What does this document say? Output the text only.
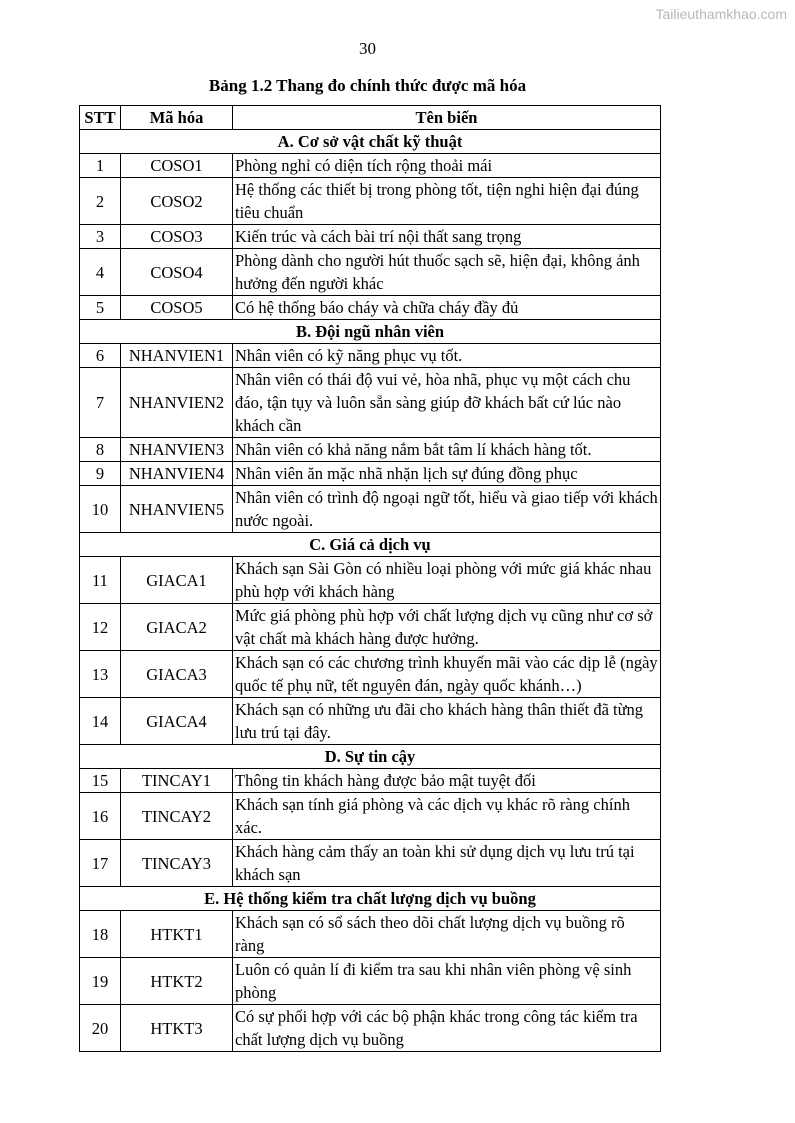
Tailieuthamkhao.com
30
Bảng 1.2 Thang đo chính thức được mã hóa
STT	Mã hóa	Tên biến
A. Cơ sở vật chất kỹ thuật		
1	COSO1	Phòng nghỉ có diện tích rộng thoải mái
2	COSO2	Hệ thống các thiết bị trong phòng tốt, tiện nghi hiện đại đúng tiêu chuẩn
3	COSO3	Kiến trúc và cách bài trí nội thất sang trọng
4	COSO4	Phòng dành cho người hút thuốc sạch sẽ, hiện đại, không ảnh hưởng đến người khác
5	COSO5	Có hệ thống báo cháy và chữa cháy đầy đủ
B. Đội ngũ nhân viên		
6	NHANVIEN1	Nhân viên có kỹ năng phục vụ tốt.
7	NHANVIEN2	Nhân viên có thái độ vui vẻ, hòa nhã, phục vụ một cách chu đáo, tận tụy và luôn sẵn sàng giúp đỡ khách bất cứ lúc nào khách cần
8	NHANVIEN3	Nhân viên có khả năng nắm bắt tâm lí khách hàng tốt.
9	NHANVIEN4	Nhân viên ăn mặc nhã nhặn lịch sự đúng đồng phục
10	NHANVIEN5	Nhân viên có trình độ ngoại ngữ tốt, hiểu và giao tiếp với khách nước ngoài.
C. Giá cả dịch vụ		
11	GIACA1	Khách sạn Sài Gòn có nhiều loại phòng với mức giá khác nhau phù hợp với khách hàng
12	GIACA2	Mức giá phòng phù hợp với chất lượng dịch vụ cũng như cơ sở vật chất mà khách hàng được hưởng.
13	GIACA3	Khách sạn có các chương trình khuyến mãi vào các dịp lễ (ngày quốc tế phụ nữ, tết nguyên đán, ngày quốc khánh…)
14	GIACA4	Khách sạn có những ưu đãi cho khách hàng thân thiết đã từng lưu trú tại đây.
D. Sự tin cậy		
15	TINCAY1	Thông tin khách hàng được bảo mật tuyệt đối
16	TINCAY2	Khách sạn tính giá phòng và các dịch vụ khác rõ ràng chính xác.
17	TINCAY3	Khách hàng cảm thấy an toàn khi sử dụng dịch vụ lưu trú tại khách sạn
E. Hệ thống kiểm tra chất lượng dịch vụ buồng		
18	HTKT1	Khách sạn có sổ sách theo dõi chất lượng dịch vụ buồng rõ ràng
19	HTKT2	Luôn có quản lí đi kiểm tra sau khi nhân viên phòng vệ sinh phòng
20	HTKT3	Có sự phối hợp với các bộ phận khác trong công tác kiểm tra chất lượng dịch vụ buồng
